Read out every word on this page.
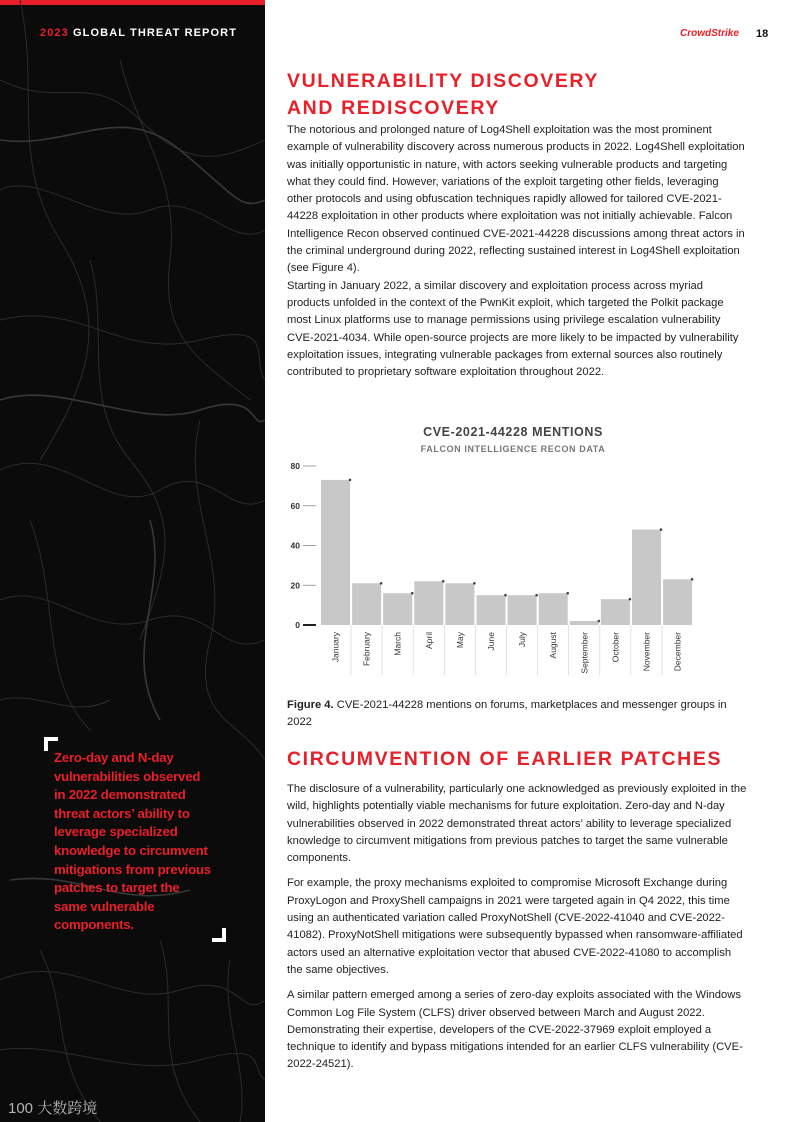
2023 GLOBAL THREAT REPORT
Zero-day and N-day vulnerabilities observed in 2022 demonstrated threat actors’ ability to leverage specialized knowledge to circumvent mitigations from previous patches to target the same vulnerable components.
100 大数跨境
CrowdStrike 18
VULNERABILITY DISCOVERY
AND REDISCOVERY

The notorious and prolonged nature of Log4Shell exploitation was the most prominent example of vulnerability discovery across numerous products in 2022. Log4Shell exploitation was initially opportunistic in nature, with actors seeking vulnerable products and targeting what they could find. However, variations of the exploit targeting other fields, leveraging other protocols and using obfuscation techniques rapidly allowed for tailored CVE-2021-44228 exploitation in other products where exploitation was not initially achievable. Falcon Intelligence Recon observed continued CVE-2021-44228 discussions among threat actors in the criminal underground during 2022, reflecting sustained interest in Log4Shell exploitation (see Figure 4).

Starting in January 2022, a similar discovery and exploitation process across myriad products unfolded in the context of the PwnKit exploit, which targeted the Polkit package most Linux platforms use to manage permissions using privilege escalation vulnerability CVE-2021-4034. While open-source projects are more likely to be impacted by vulnerability exploitation issues, integrating vulnerable packages from external sources also routinely contributed to proprietary software exploitation throughout 2022.

CVE-2021-44228 MENTIONS
FALCON INTELLIGENCE RECON DATA
0
20
40
60
80
January February March April May June July August September October November December
Figure 4. CVE-2021-44228 mentions on forums, marketplaces and messenger groups in 2022
CIRCUMVENTION OF EARLIER PATCHES

The disclosure of a vulnerability, particularly one acknowledged as previously exploited in the wild, highlights potentially viable mechanisms for future exploitation. Zero-day and N-day vulnerabilities observed in 2022 demonstrated threat actors’ ability to leverage specialized knowledge to circumvent mitigations from previous patches to target the same vulnerable components.

For example, the proxy mechanisms exploited to compromise Microsoft Exchange during ProxyLogon and ProxyShell campaigns in 2021 were targeted again in Q4 2022, this time using an authenticated variation called ProxyNotShell (CVE-2022-41040 and CVE-2022-41082). ProxyNotShell mitigations were subsequently bypassed when ransomware-affiliated actors used an alternative exploitation vector that abused CVE-2022-41080 to accomplish the same objectives.

A similar pattern emerged among a series of zero-day exploits associated with the Windows Common Log File System (CLFS) driver observed between March and August 2022. Demonstrating their expertise, developers of the CVE-2022-37969 exploit employed a technique to identify and bypass mitigations intended for an earlier CLFS vulnerability (CVE-2022-24521).
